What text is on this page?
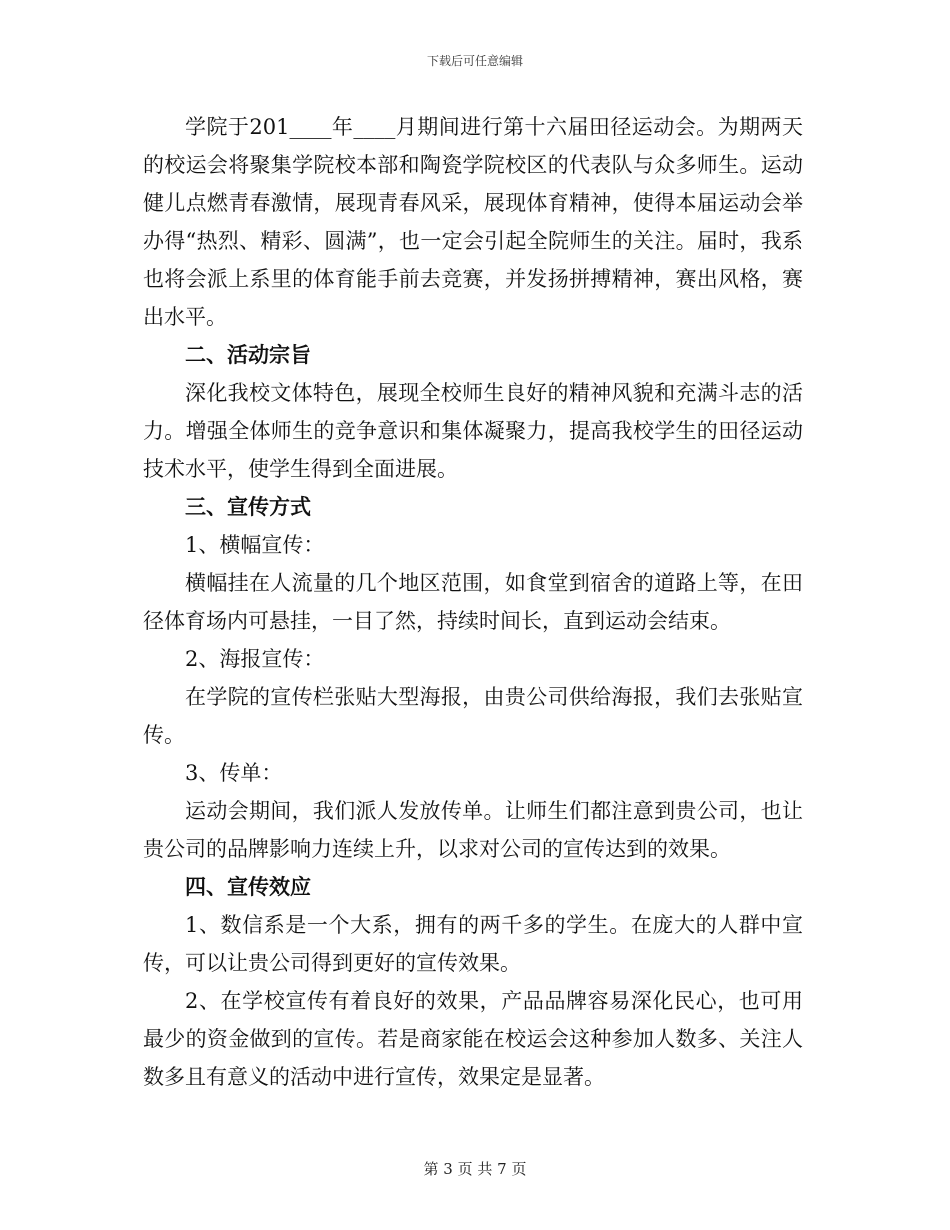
下载后可任意编辑

学院于201____年____月期间进行第十六届田径运动会。为期两天的校运会将聚集学院校本部和陶瓷学院校区的代表队与众多师生。运动健儿点燃青春激情，展现青春风采，展现体育精神，使得本届运动会举办得“热烈、精彩、圆满”，也一定会引起全院师生的关注。届时，我系也将会派上系里的体育能手前去竞赛，并发扬拼搏精神，赛出风格，赛出水平。

二、活动宗旨

深化我校文体特色，展现全校师生良好的精神风貌和充满斗志的活力。增强全体师生的竞争意识和集体凝聚力，提高我校学生的田径运动技术水平，使学生得到全面进展。

三、宣传方式

1、横幅宣传：

横幅挂在人流量的几个地区范围，如食堂到宿舍的道路上等，在田径体育场内可悬挂，一目了然，持续时间长，直到运动会结束。

2、海报宣传：

在学院的宣传栏张贴大型海报，由贵公司供给海报，我们去张贴宣传。

3、传单：

运动会期间，我们派人发放传单。让师生们都注意到贵公司，也让贵公司的品牌影响力连续上升，以求对公司的宣传达到的效果。

四、宣传效应

1、数信系是一个大系，拥有的两千多的学生。在庞大的人群中宣传，可以让贵公司得到更好的宣传效果。

2、在学校宣传有着良好的效果，产品品牌容易深化民心，也可用最少的资金做到的宣传。若是商家能在校运会这种参加人数多、关注人数多且有意义的活动中进行宣传，效果定是显著。

第 3 页 共 7 页
